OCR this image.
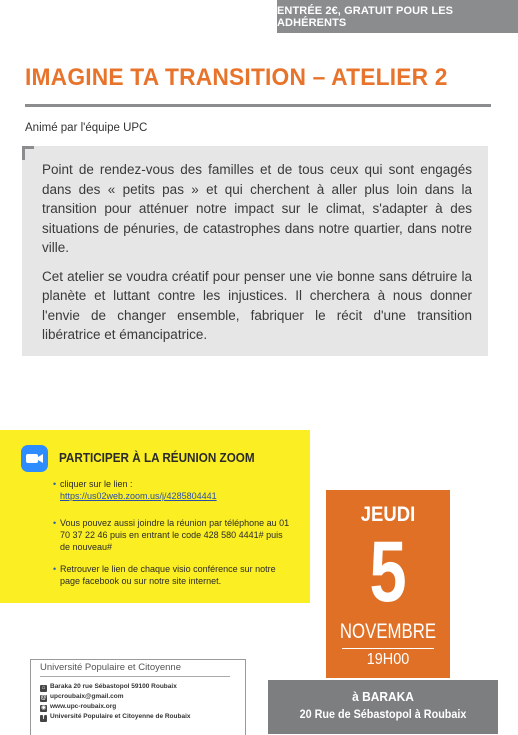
ENTRÉE 2€, GRATUIT POUR LES ADHÉRENTS
IMAGINE TA TRANSITION – ATELIER 2
Animé par l'équipe UPC

Point de rendez-vous des familles et de tous ceux qui sont engagés dans des « petits pas » et qui cherchent à aller plus loin dans la transition pour atténuer notre impact sur le climat, s'adapter à des situations de pénuries, de catastrophes dans notre quartier, dans notre ville.

Cet atelier se voudra créatif pour penser une vie bonne sans détruire la planète et luttant contre les injustices. Il cherchera à nous donner l'envie de changer ensemble, fabriquer le récit d'une transition libératrice et émancipatrice.

PARTICIPER À LA RÉUNION ZOOM
• cliquer sur le lien :
https://us02web.zoom.us/j/4285804441
• Vous pouvez aussi joindre la réunion par téléphone au 01 70 37 22 46 puis en entrant le code 428 580 4441# puis de nouveau#
• Retrouver le lien de chaque visio conférence sur notre page facebook ou sur notre site internet.
JEUDI
5
NOVEMBRE
19H00
Université Populaire et Citoyenne
⌂ Baraka 20 rue Sébastopol 59100 Roubaix
@ upcroubaix@gmail.com
◉ www.upc-roubaix.org
f Université Populaire et Citoyenne de Roubaix
à BARAKA
20 Rue de Sébastopol à Roubaix
